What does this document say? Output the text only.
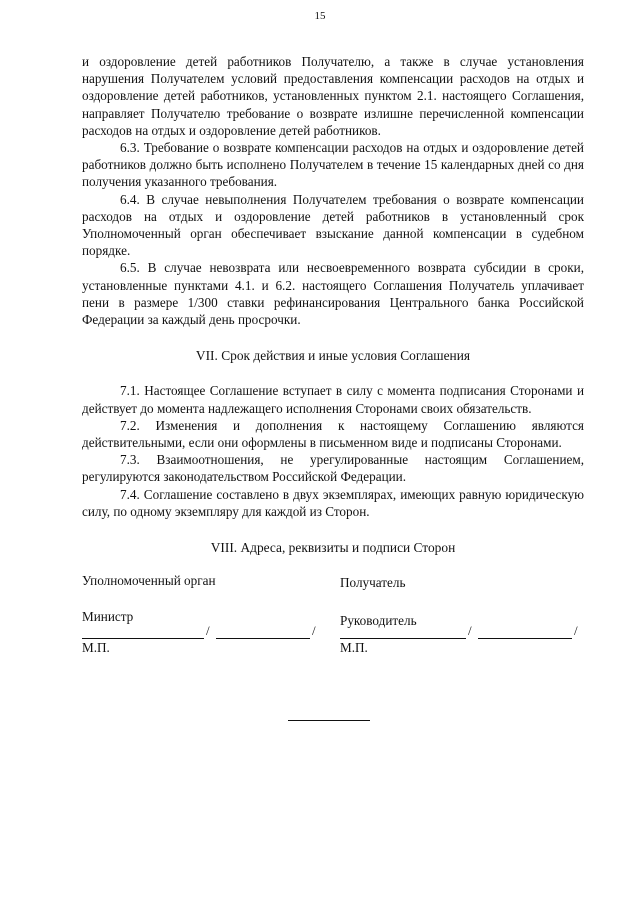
15

и оздоровление детей работников Получателю, а также в случае установления нарушения Получателем условий предоставления компенсации расходов на отдых и оздоровление детей работников, установленных пунктом 2.1. настоящего Соглашения, направляет Получателю требование о возврате излишне перечисленной компенсации расходов на отдых и оздоровление детей работников.

6.3. Требование о возврате компенсации расходов на отдых и оздоровление детей работников должно быть исполнено Получателем в течение 15 календарных дней со дня получения указанного требования.

6.4. В случае невыполнения Получателем требования о возврате компенсации расходов на отдых и оздоровление детей работников в установленный срок Уполномоченный орган обеспечивает взыскание данной компенсации в судебном порядке.

6.5. В случае невозврата или несвоевременного возврата субсидии в сроки, установленные пунктами 4.1. и 6.2. настоящего Соглашения Получатель уплачивает пени в размере 1/300 ставки рефинансирования Центрального банка Российской Федерации за каждый день просрочки.

VII. Срок действия и иные условия Соглашения

7.1. Настоящее Соглашение вступает в силу с момента подписания Сторонами и действует до момента надлежащего исполнения Сторонами своих обязательств.

7.2. Изменения и дополнения к настоящему Соглашению являются действительными, если они оформлены в письменном виде и подписаны Сторонами.

7.3. Взаимоотношения, не урегулированные настоящим Соглашением, регулируются законодательством Российской Федерации.

7.4. Соглашение составлено в двух экземплярах, имеющих равную юридическую силу, по одному экземпляру для каждой из Сторон.

VIII. Адреса, реквизиты и подписи Сторон

Уполномоченный орган
Министр
/	/
М.П.
Получатель
Руководитель
/	/
М.П.
